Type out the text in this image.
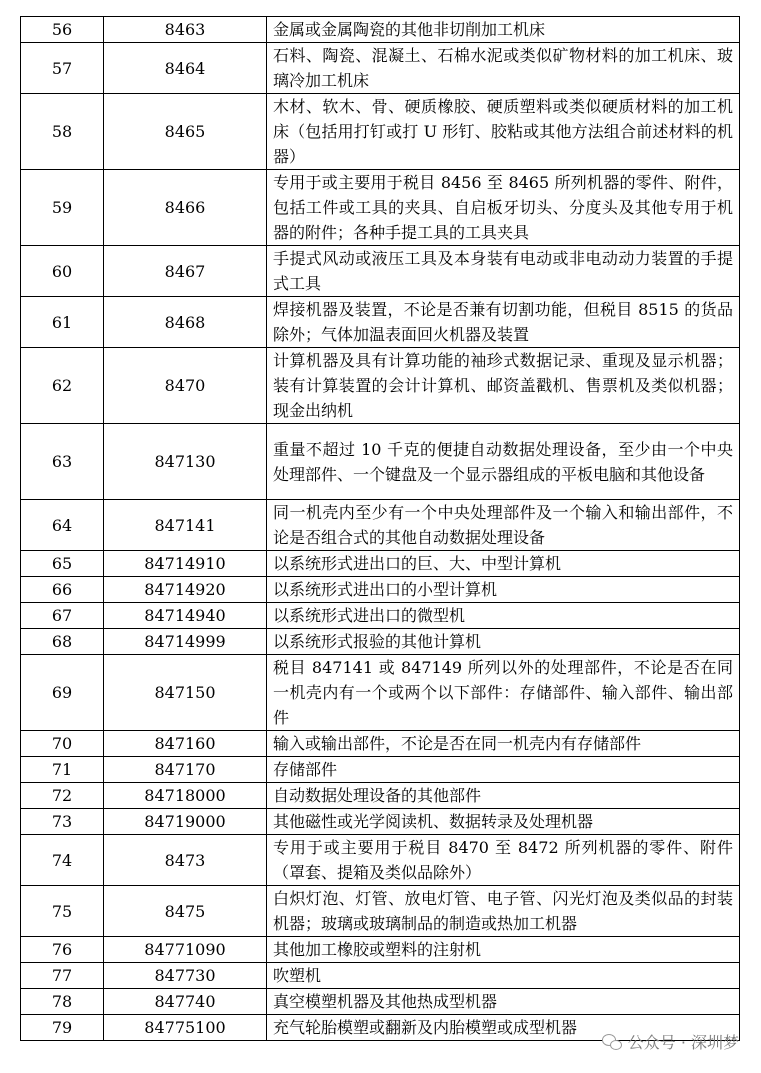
56	8463	金属或金属陶瓷的其他非切削加工机床
57	8464	石料、陶瓷、混凝土、石棉水泥或类似矿物材料的加工机床、玻璃冷加工机床
58	8465	木材、软木、骨、硬质橡胶、硬质塑料或类似硬质材料的加工机床（包括用打钉或打 U 形钉、胶粘或其他方法组合前述材料的机器）
59	8466	专用于或主要用于税目 8456 至 8465 所列机器的零件、附件，包括工件或工具的夹具、自启板牙切头、分度头及其他专用于机器的附件；各种手提工具的工具夹具
60	8467	手提式风动或液压工具及本身装有电动或非电动动力装置的手提式工具
61	8468	焊接机器及装置，不论是否兼有切割功能，但税目 8515 的货品除外；气体加温表面回火机器及装置
62	8470	计算机器及具有计算功能的袖珍式数据记录、重现及显示机器；装有计算装置的会计计算机、邮资盖戳机、售票机及类似机器；现金出纳机
63	847130	重量不超过 10 千克的便捷自动数据处理设备，至少由一个中央处理部件、一个键盘及一个显示器组成的平板电脑和其他设备
64	847141	同一机壳内至少有一个中央处理部件及一个输入和输出部件，不论是否组合式的其他自动数据处理设备
65	84714910	以系统形式进出口的巨、大、中型计算机
66	84714920	以系统形式进出口的小型计算机
67	84714940	以系统形式进出口的微型机
68	84714999	以系统形式报验的其他计算机
69	847150	税目 847141 或 847149 所列以外的处理部件，不论是否在同一机壳内有一个或两个以下部件：存储部件、输入部件、输出部件
70	847160	输入或输出部件，不论是否在同一机壳内有存储部件
71	847170	存储部件
72	84718000	自动数据处理设备的其他部件
73	84719000	其他磁性或光学阅读机、数据转录及处理机器
74	8473	专用于或主要用于税目 8470 至 8472 所列机器的零件、附件（罩套、提箱及类似品除外）
75	8475	白炽灯泡、灯管、放电灯管、电子管、闪光灯泡及类似品的封装机器；玻璃或玻璃制品的制造或热加工机器
76	84771090	其他加工橡胶或塑料的注射机
77	847730	吹塑机
78	847740	真空模塑机器及其他热成型机器
79	84775100	充气轮胎模塑或翻新及内胎模塑或成型机器
公众号 · 深圳梦
